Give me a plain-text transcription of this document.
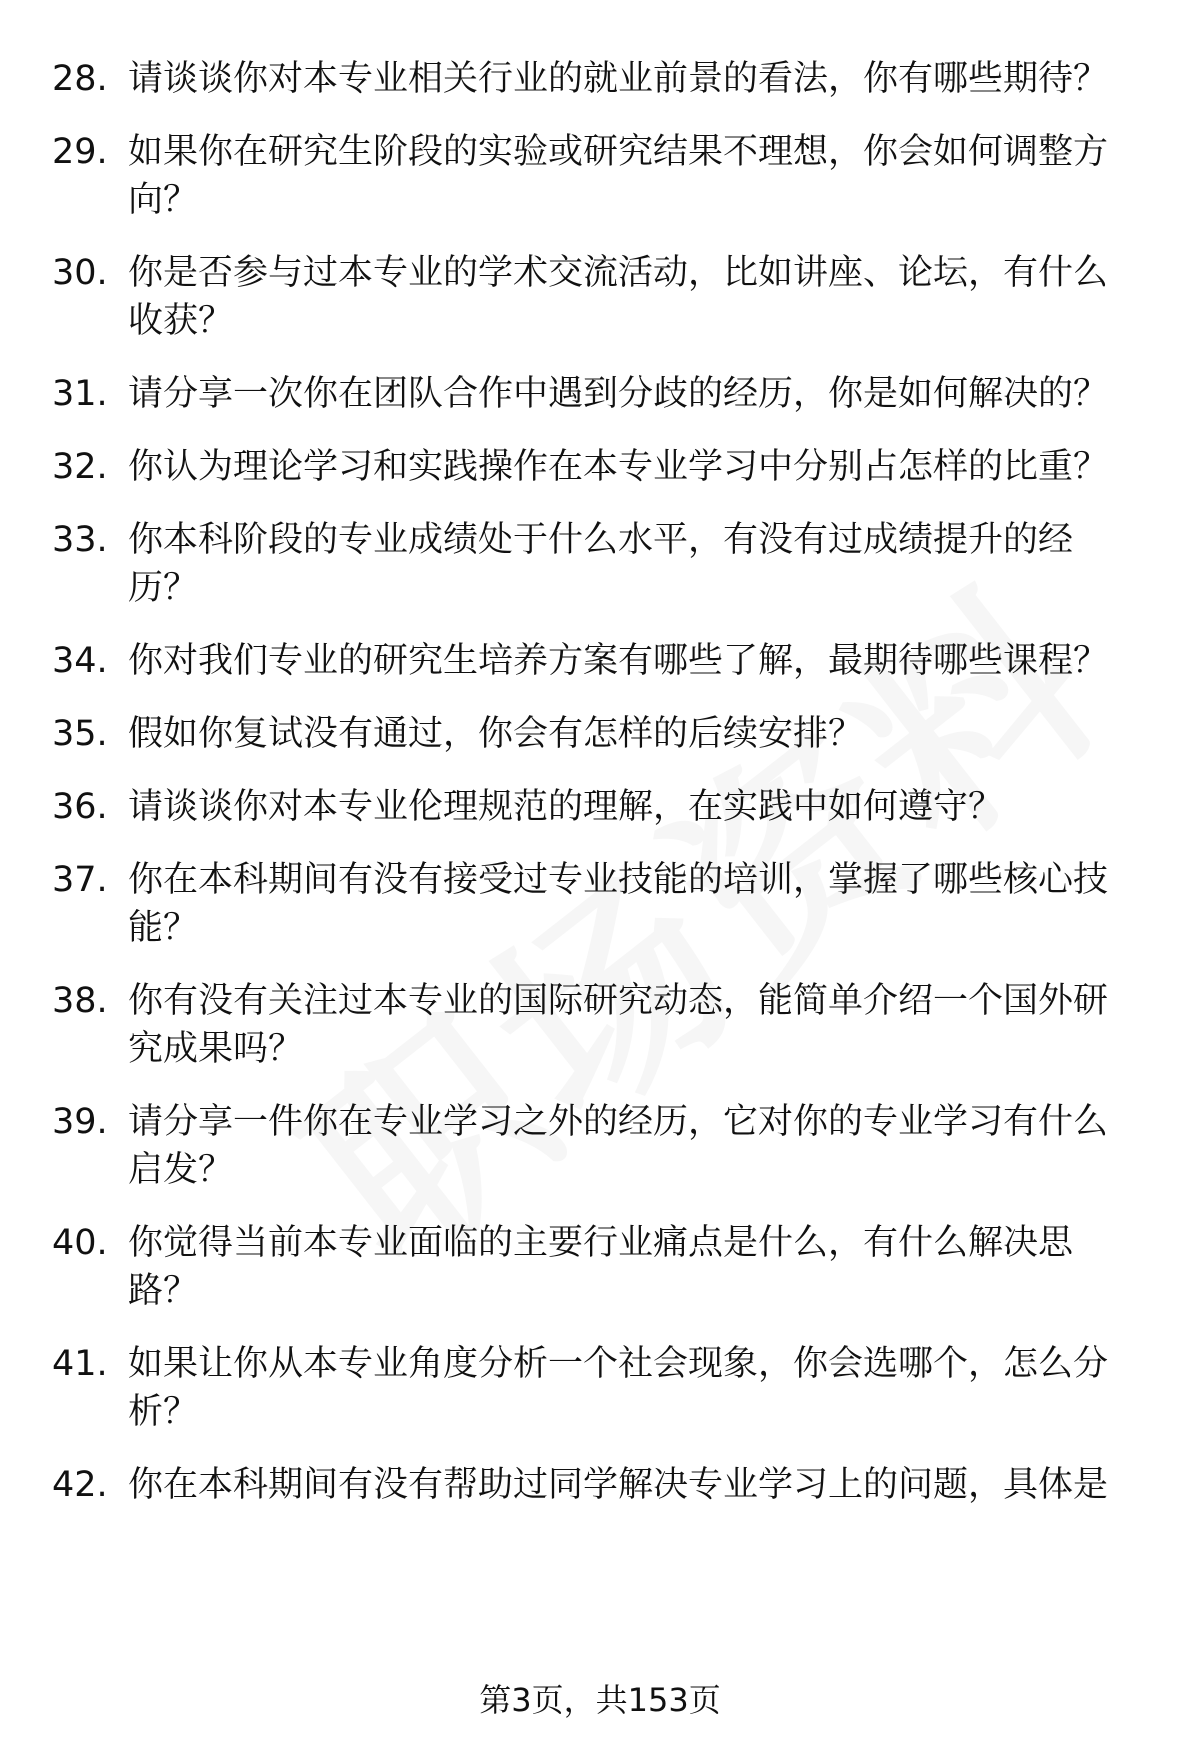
28. 请谈谈你对本专业相关行业的就业前景的看法，你有哪些期待？
29. 如果你在研究生阶段的实验或研究结果不理想，你会如何调整方向？
30. 你是否参与过本专业的学术交流活动，比如讲座、论坛，有什么收获？
31. 请分享一次你在团队合作中遇到分歧的经历，你是如何解决的？
32. 你认为理论学习和实践操作在本专业学习中分别占怎样的比重？
33. 你本科阶段的专业成绩处于什么水平，有没有过成绩提升的经历？
34. 你对我们专业的研究生培养方案有哪些了解，最期待哪些课程？
35. 假如你复试没有通过，你会有怎样的后续安排？
36. 请谈谈你对本专业伦理规范的理解，在实践中如何遵守？
37. 你在本科期间有没有接受过专业技能的培训，掌握了哪些核心技能？
38. 你有没有关注过本专业的国际研究动态，能简单介绍一个国外研究成果吗？
39. 请分享一件你在专业学习之外的经历，它对你的专业学习有什么启发？
40. 你觉得当前本专业面临的主要行业痛点是什么，有什么解决思路？
41. 如果让你从本专业角度分析一个社会现象，你会选哪个，怎么分析？
42. 你在本科期间有没有帮助过同学解决专业学习上的问题，具体是
第3页，共153页
